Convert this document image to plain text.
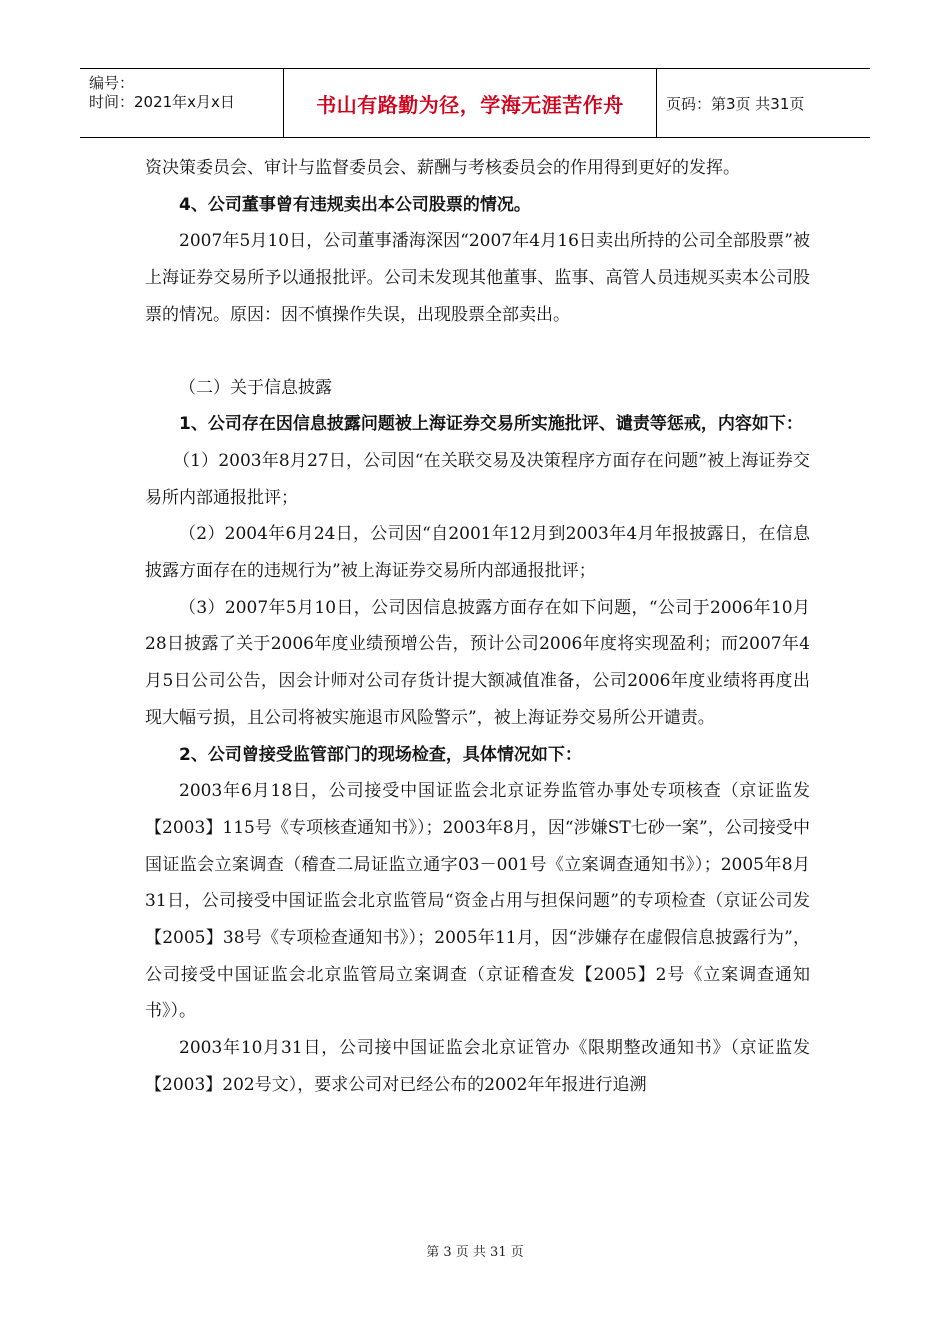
编号：
时间：2021年x月x日	书山有路勤为径，学海无涯苦作舟	页码：第3页 共31页

资决策委员会、审计与监督委员会、薪酬与考核委员会的作用得到更好的发挥。

4、公司董事曾有违规卖出本公司股票的情况。

2007年5月10日，公司董事潘海深因“2007年4月16日卖出所持的公司全部股票”被上海证券交易所予以通报批评。公司未发现其他董事、监事、高管人员违规买卖本公司股票的情况。原因：因不慎操作失误，出现股票全部卖出。

（二）关于信息披露

1、公司存在因信息披露问题被上海证券交易所实施批评、谴责等惩戒，内容如下：

（1）2003年8月27日，公司因“在关联交易及决策程序方面存在问题”被上海证券交易所内部通报批评；

（2）2004年6月24日，公司因“自2001年12月到2003年4月年报披露日，在信息披露方面存在的违规行为”被上海证券交易所内部通报批评；

（3）2007年5月10日，公司因信息披露方面存在如下问题，“公司于2006年10月28日披露了关于2006年度业绩预增公告，预计公司2006年度将实现盈利；而2007年4月5日公司公告，因会计师对公司存货计提大额减值准备，公司2006年度业绩将再度出现大幅亏损，且公司将被实施退市风险警示”，被上海证券交易所公开谴责。

2、公司曾接受监管部门的现场检查，具体情况如下：

2003年6月18日，公司接受中国证监会北京证券监管办事处专项核查（京证监发【2003】115号《专项核查通知书》）；2003年8月，因“涉嫌ST七砂一案”，公司接受中国证监会立案调查（稽查二局证监立通字03－001号《立案调查通知书》）；2005年8月31日，公司接受中国证监会北京监管局“资金占用与担保问题”的专项检查（京证公司发【2005】38号《专项检查通知书》）；2005年11月，因“涉嫌存在虚假信息披露行为”，公司接受中国证监会北京监管局立案调查（京证稽查发【2005】2号《立案调查通知书》）。

2003年10月31日，公司接中国证监会北京证管办《限期整改通知书》（京证监发【2003】202号文），要求公司对已经公布的2002年年报进行追溯

第 3 页 共 31 页
